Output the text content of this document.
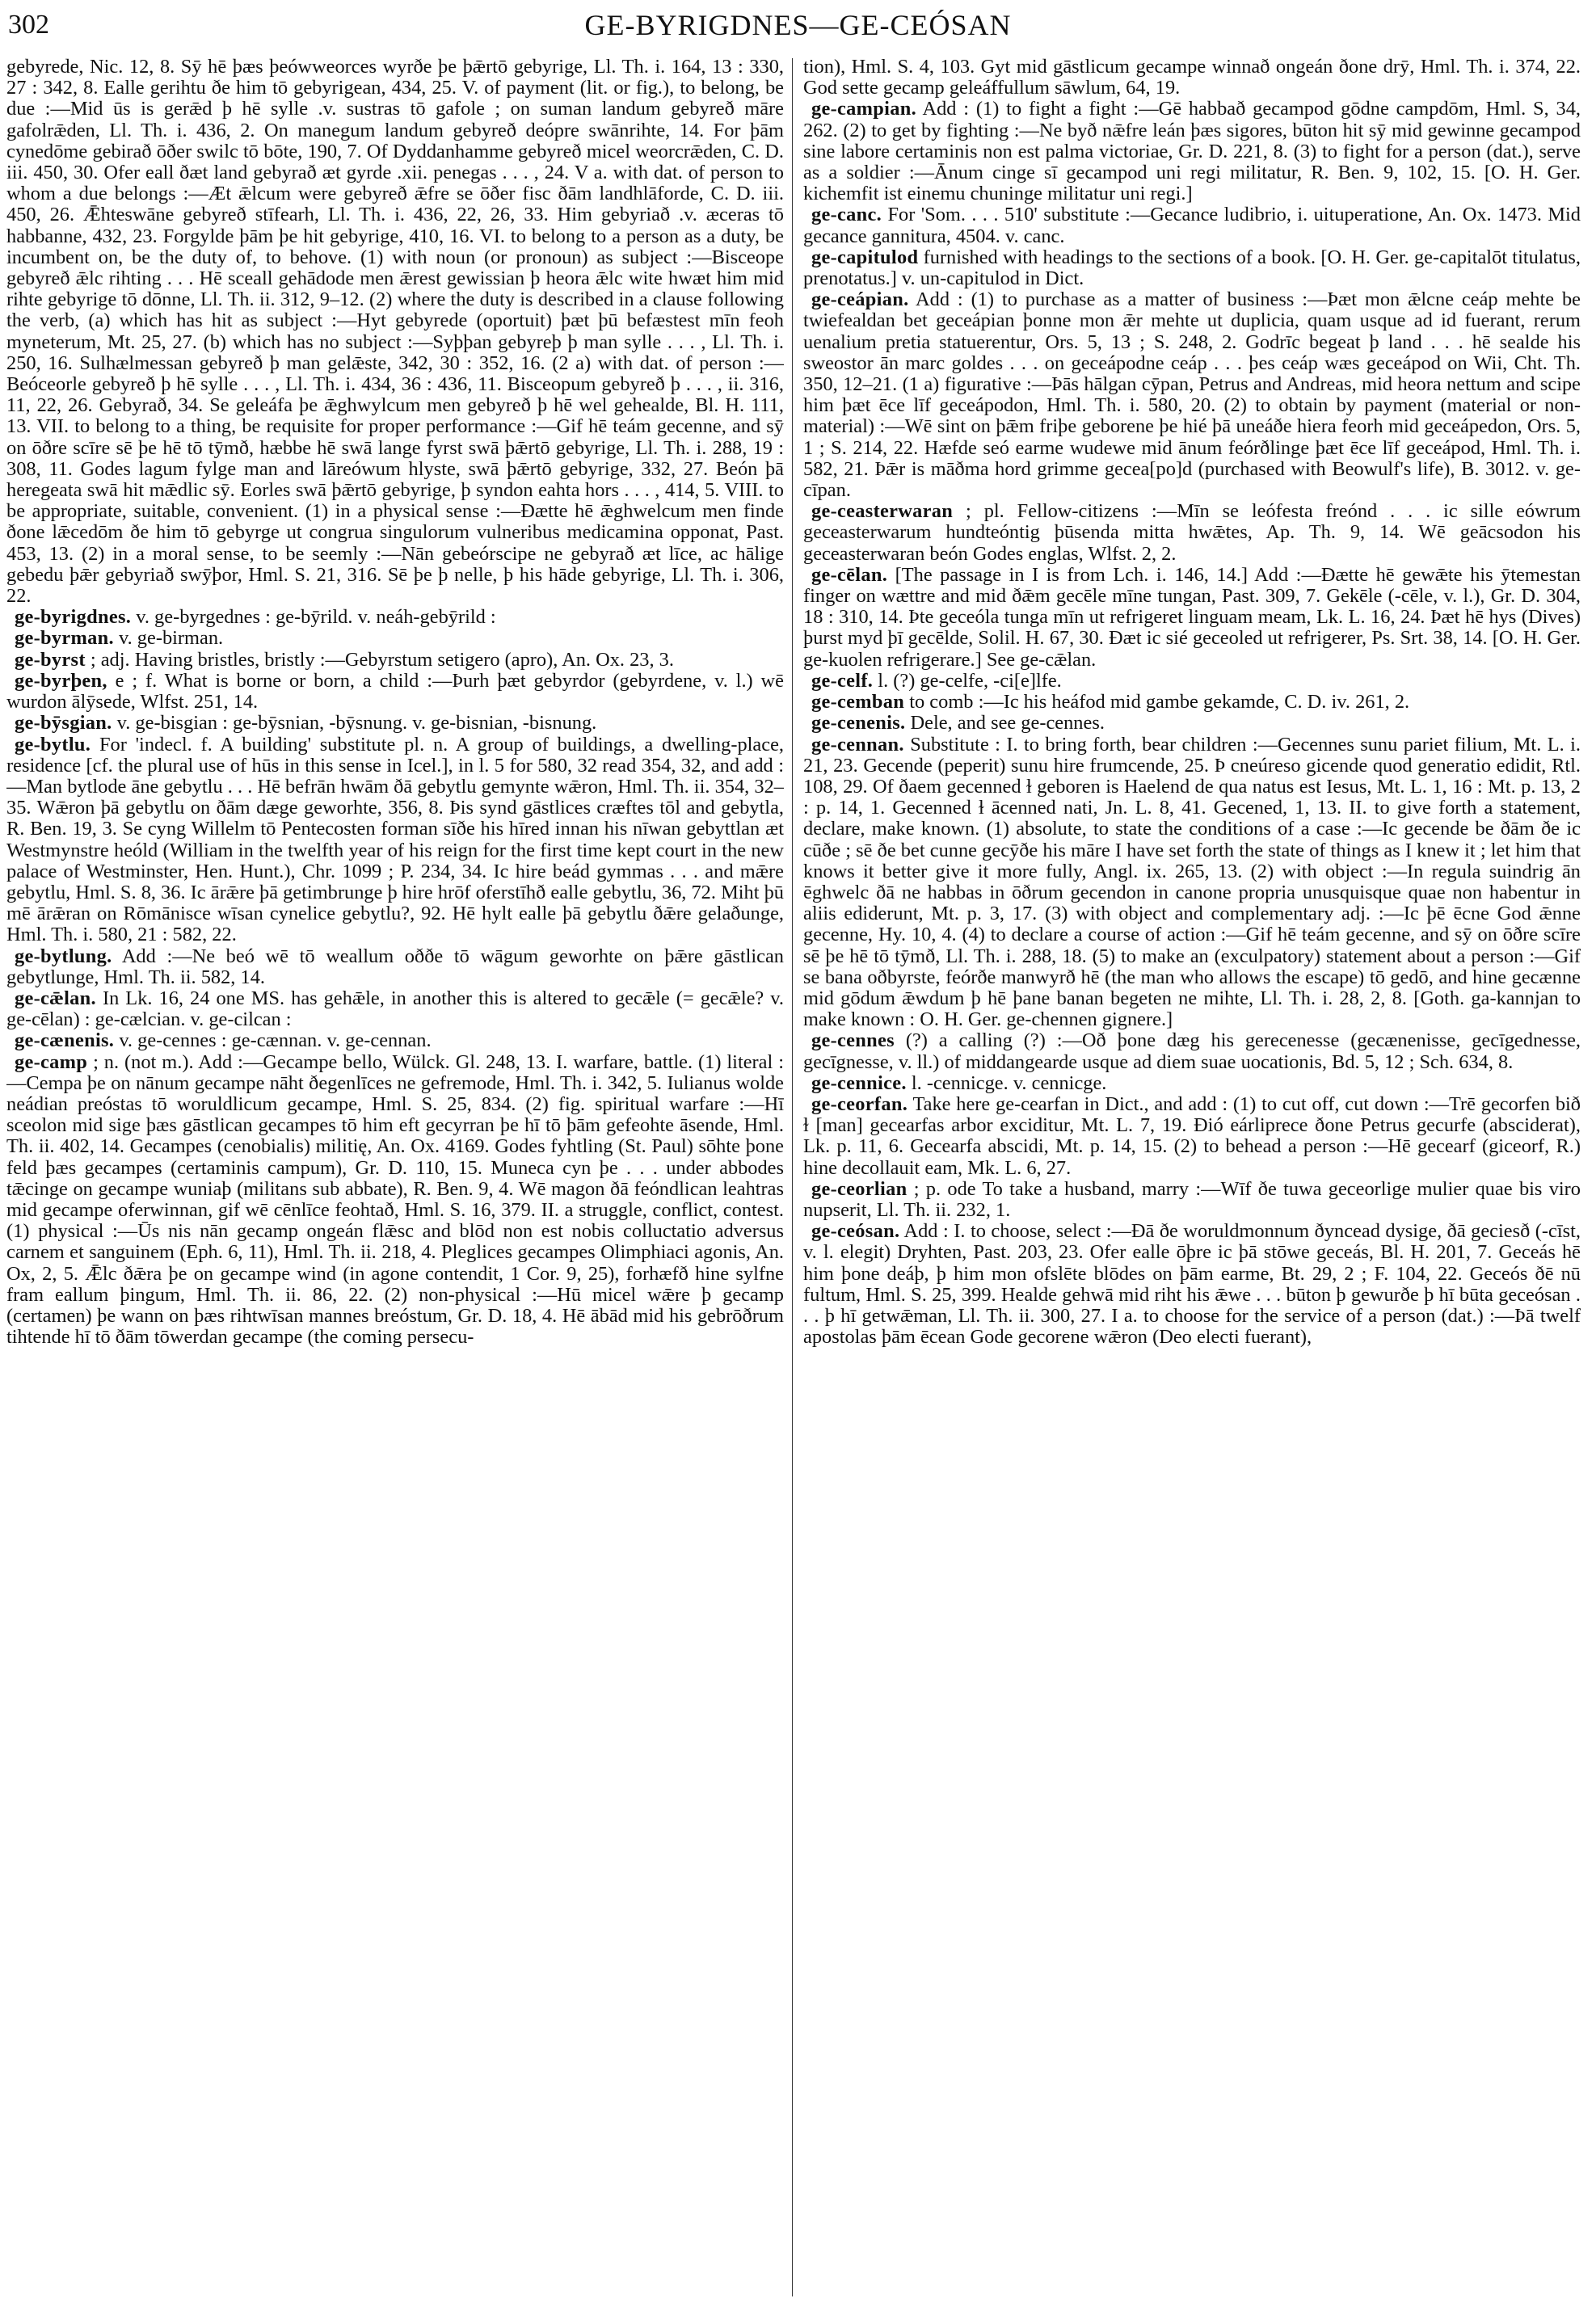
302	GE-BYRIGDNES—GE-CEÓSAN

gebyrede, Nic. 12, 8. Sȳ hē þæs þeówweorces wyrðe þe þǣrtō gebyrige, Ll. Th. i. 164, 13 : 330, 27 : 342, 8. Ealle gerihtu ðe him tō gebyrigean, 434, 25. V. of payment (lit. or fig.), to belong, be due :—Mid ūs is gerǣd þ hē sylle .v. sustras tō gafole ; on suman landum gebyreð māre gafolrǣden, Ll. Th. i. 436, 2. On manegum landum gebyreð deópre swānrihte, 14. For þām cynedōme gebirað ōðer swilc tō bōte, 190, 7. Of Dyddanhamme gebyreð micel weorcrǣden, C. D. iii. 450, 30. Ofer eall ðæt land gebyrað æt gyrde .xii. penegas . . . , 24. V a. with dat. of person to whom a due belongs :—Æt ǣlcum were gebyreð ǣfre se ōðer fisc ðām landhlāforde, C. D. iii. 450, 26. Ǣhteswāne gebyreð stīfearh, Ll. Th. i. 436, 22, 26, 33. Him gebyriað .v. æceras tō habbanne, 432, 23. Forgylde þām þe hit gebyrige, 410, 16. VI. to belong to a person as a duty, be incumbent on, be the duty of, to behove. (1) with noun (or pronoun) as subject :—Bisceope gebyreð ǣlc rihting . . . Hē sceall gehādode men ǣrest gewissian þ heora ǣlc wite hwæt him mid rihte gebyrige tō dōnne, Ll. Th. ii. 312, 9–12. (2) where the duty is described in a clause following the verb, (a) which has hit as subject :—Hyt gebyrede (oportuit) þæt þū befæstest mīn feoh myneterum, Mt. 25, 27. (b) which has no subject :—Syþþan gebyreþ þ man sylle . . . , Ll. Th. i. 250, 16. Sulhælmessan gebyreð þ man gelǣste, 342, 30 : 352, 16. (2 a) with dat. of person :—Beóceorle gebyreð þ hē sylle . . . , Ll. Th. i. 434, 36 : 436, 11. Bisceopum gebyreð þ . . . , ii. 316, 11, 22, 26. Gebyrað, 34. Se geleáfa þe ǣghwylcum men gebyreð þ hē wel gehealde, Bl. H. 111, 13. VII. to belong to a thing, be requisite for proper performance :—Gif hē teám gecenne, and sȳ on ōðre scīre sē þe hē tō tȳmð, hæbbe hē swā lange fyrst swā þǣrtō gebyrige, Ll. Th. i. 288, 19 : 308, 11. Godes lagum fylge man and lāreówum hlyste, swā þǣrtō gebyrige, 332, 27. Beón þā heregeata swā hit mǣdlic sȳ. Eorles swā þǣrtō gebyrige, þ syndon eahta hors . . . , 414, 5. VIII. to be appropriate, suitable, convenient. (1) in a physical sense :—Ðætte hē ǣghwelcum men finde ðone lǣcedōm ðe him tō gebyrge ut congrua singulorum vulneribus medicamina opponat, Past. 453, 13. (2) in a moral sense, to be seemly :—Nān gebeórscipe ne gebyrað æt līce, ac hālige gebedu þǣr gebyriað swȳþor, Hml. S. 21, 316. Sē þe þ nelle, þ his hāde gebyrige, Ll. Th. i. 306, 22.

ge-byrigdnes. v. ge-byrgednes : ge-bȳrild. v. neáh-gebȳrild :

ge-byrman. v. ge-birman.

ge-byrst ; adj. Having bristles, bristly :—Gebyrstum setigero (apro), An. Ox. 23, 3.

ge-byrþen, e ; f. What is borne or born, a child :—Þurh þæt gebyrdor (gebyrdene, v. l.) wē wurdon ālȳsede, Wlfst. 251, 14.

ge-bȳsgian. v. ge-bisgian : ge-bȳsnian, -bȳsnung. v. ge-bisnian, -bisnung.

ge-bytlu. For 'indecl. f. A building' substitute pl. n. A group of buildings, a dwelling-place, residence [cf. the plural use of hūs in this sense in Icel.], in l. 5 for 580, 32 read 354, 32, and add :—Man bytlode āne gebytlu . . . Hē befrān hwām ðā gebytlu gemynte wǣron, Hml. Th. ii. 354, 32–35. Wǣron þā gebytlu on ðām dæge geworhte, 356, 8. Þis synd gāstlices cræftes tōl and gebytla, R. Ben. 19, 3. Se cyng Willelm tō Pentecosten forman sīðe his hīred innan his nīwan gebyttlan æt Westmynstre heóld (William in the twelfth year of his reign for the first time kept court in the new palace of Westminster, Hen. Hunt.), Chr. 1099 ; P. 234, 34. Ic hire beád gymmas . . . and mǣre gebytlu, Hml. S. 8, 36. Ic ārǣre þā getimbrunge þ hire hrōf oferstīhð ealle gebytlu, 36, 72. Miht þū mē ārǣran on Rōmānisce wīsan cynelice gebytlu?, 92. Hē hylt ealle þā gebytlu ðǣre gelaðunge, Hml. Th. i. 580, 21 : 582, 22.

ge-bytlung. Add :—Ne beó wē tō weallum oððe tō wāgum geworhte on þǣre gāstlican gebytlunge, Hml. Th. ii. 582, 14.

ge-cǣlan. In Lk. 16, 24 one MS. has gehǣle, in another this is altered to gecǣle (= gecǣle? v. ge-cēlan) : ge-cælcian. v. ge-cilcan :

ge-cænenis. v. ge-cennes : ge-cænnan. v. ge-cennan.

ge-camp ; n. (not m.). Add :—Gecampe bello, Wülck. Gl. 248, 13. I. warfare, battle. (1) literal :—Cempa þe on nānum gecampe nāht ðegenlīces ne gefremode, Hml. Th. i. 342, 5. Iulianus wolde neádian preóstas tō woruldlicum gecampe, Hml. S. 25, 834. (2) fig. spiritual warfare :—Hī sceolon mid sige þæs gāstlican gecampes tō him eft gecyrran þe hī tō þām gefeohte āsende, Hml. Th. ii. 402, 14. Gecampes (cenobialis) militię, An. Ox. 4169. Godes fyhtling (St. Paul) sōhte þone feld þæs gecampes (certaminis campum), Gr. D. 110, 15. Muneca cyn þe . . . under abbodes tǣcinge on gecampe wuniaþ (militans sub abbate), R. Ben. 9, 4. Wē magon ðā feóndlican leahtras mid gecampe oferwinnan, gif wē cēnlīce feohtað, Hml. S. 16, 379. II. a struggle, conflict, contest. (1) physical :—Ūs nis nān gecamp ongeán flǣsc and blōd non est nobis colluctatio adversus carnem et sanguinem (Eph. 6, 11), Hml. Th. ii. 218, 4. Pleglices gecampes Olimphiaci agonis, An. Ox, 2, 5. Ǣlc ðǣra þe on gecampe wind (in agone contendit, 1 Cor. 9, 25), forhæfð hine sylfne fram eallum þingum, Hml. Th. ii. 86, 22. (2) non-physical :—Hū micel wǣre þ gecamp (certamen) þe wann on þæs rihtwīsan mannes breóstum, Gr. D. 18, 4. Hē ābād mid his gebrōðrum tihtende hī tō ðām tōwerdan gecampe (the coming persecu-

tion), Hml. S. 4, 103. Gyt mid gāstlicum gecampe winnað ongeán ðone drȳ, Hml. Th. i. 374, 22. God sette gecamp geleáffullum sāwlum, 64, 19.

ge-campian. Add : (1) to fight a fight :—Gē habbað gecampod gōdne campdōm, Hml. S, 34, 262. (2) to get by fighting :—Ne byð nǣfre leán þæs sigores, būton hit sȳ mid gewinne gecampod sine labore certaminis non est palma victoriae, Gr. D. 221, 8. (3) to fight for a person (dat.), serve as a soldier :—Ānum cinge sī gecampod uni regi militatur, R. Ben. 9, 102, 15. [O. H. Ger. kichemfit ist einemu chuninge militatur uni regi.]

ge-canc. For 'Som. . . . 510' substitute :—Gecance ludibrio, i. uituperatione, An. Ox. 1473. Mid gecance gannitura, 4504. v. canc.

ge-capitulod furnished with headings to the sections of a book. [O. H. Ger. ge-capitalōt titulatus, prenotatus.] v. un-capitulod in Dict.

ge-ceápian. Add : (1) to purchase as a matter of business :—Þæt mon ǣlcne ceáp mehte be twiefealdan bet geceápian þonne mon ǣr mehte ut duplicia, quam usque ad id fuerant, rerum uenalium pretia statuerentur, Ors. 5, 13 ; S. 248, 2. Godrīc begeat þ land . . . hē sealde his sweostor ān marc goldes . . . on geceápodne ceáp . . . þes ceáp wæs geceápod on Wii, Cht. Th. 350, 12–21. (1 a) figurative :—Þās hālgan cȳpan, Petrus and Andreas, mid heora nettum and scipe him þæt ēce līf geceápodon, Hml. Th. i. 580, 20. (2) to obtain by payment (material or non-material) :—Wē sint on þǣm friþe geborene þe hié þā uneáðe hiera feorh mid geceápedon, Ors. 5, 1 ; S. 214, 22. Hæfde seó earme wudewe mid ānum feórðlinge þæt ēce līf geceápod, Hml. Th. i. 582, 21. Þǣr is māðma hord grimme geceа[po]d (purchased with Beowulf's life), B. 3012. v. ge-cīpan.

ge-ceasterwaran ; pl. Fellow-citizens :—Mīn se leófesta freónd . . . ic sille eówrum geceasterwarum hundteóntig þūsenda mitta hwǣtes, Ap. Th. 9, 14. Wē geācsodon his geceasterwaran beón Godes englas, Wlfst. 2, 2.

ge-cēlan. [The passage in I is from Lch. i. 146, 14.] Add :—Ðætte hē gewǣte his ȳtemestan finger on wættre and mid ðǣm gecēle mīne tungan, Past. 309, 7. Gekēle (-cēle, v. l.), Gr. D. 304, 18 : 310, 14. Þte geceóla tunga mīn ut refrigeret linguam meam, Lk. L. 16, 24. Þæt hē hys (Dives) þurst myd þī gecēlde, Solil. H. 67, 30. Ðæt ic sié geceoled ut refrigerer, Ps. Srt. 38, 14. [O. H. Ger. ge-kuolen refrigerare.] See ge-cǣlan.

ge-celf. l. (?) ge-celfe, -ci[e]lfe.

ge-cemban to comb :—Ic his heáfod mid gambe gekamde, C. D. iv. 261, 2.

ge-cenenis. Dele, and see ge-cennes.

ge-cennan. Substitute : I. to bring forth, bear children :—Gecennes sunu pariet filium, Mt. L. i. 21, 23. Gecende (peperit) sunu hire frumcende, 25. Þ cneúreso gicende quod generatio edidit, Rtl. 108, 29. Of ðaem gecenned ɫ geboren is Haelend de qua natus est Iesus, Mt. L. 1, 16 : Mt. p. 13, 2 : p. 14, 1. Gecenned ɫ ācenned nati, Jn. L. 8, 41. Gecened, 1, 13. II. to give forth a statement, declare, make known. (1) absolute, to state the conditions of a case :—Ic gecende be ðām ðe ic cūðe ; sē ðe bet cunne gecȳðe his māre I have set forth the state of things as I knew it ; let him that knows it better give it more fully, Angl. ix. 265, 13. (2) with object :—In regula suindrig ān ēghwelc ðā ne habbas in ōðrum gecendon in canone propria unusquisque quae non habentur in aliis ediderunt, Mt. p. 3, 17. (3) with object and complementary adj. :—Ic þē ēcne God ǣnne gecenne, Hy. 10, 4. (4) to declare a course of action :—Gif hē teám gecenne, and sȳ on ōðre scīre sē þe hē tō tȳmð, Ll. Th. i. 288, 18. (5) to make an (exculpatory) statement about a person :—Gif se bana oðbyrste, feórðe manwyrð hē (the man who allows the escape) tō gedō, and hine gecænne mid gōdum ǣwdum þ hē þane banan begeten ne mihte, Ll. Th. i. 28, 2, 8. [Goth. ga-kannjan to make known : O. H. Ger. ge-chennen gignere.]

ge-cennes (?) a calling (?) :—Oð þone dæg his gerecenesse (gecænenisse, gecīgednesse, gecīgnesse, v. ll.) of middangearde usque ad diem suae uocationis, Bd. 5, 12 ; Sch. 634, 8.

ge-cennice. l. -cennicge. v. cennicge.

ge-ceorfan. Take here ge-cearfan in Dict., and add : (1) to cut off, cut down :—Trē gecorfen bið ɫ [man] gecearfas arbor exciditur, Mt. L. 7, 19. Ðió eárliprece ðone Petrus gecurfe (absciderat), Lk. p. 11, 6. Gecearfa abscidi, Mt. p. 14, 15. (2) to behead a person :—Hē gecearf (giceorf, R.) hine decollauit eam, Mk. L. 6, 27.

ge-ceorlian ; p. ode To take a husband, marry :—Wīf ðe tuwa geceorlige mulier quae bis viro nupserit, Ll. Th. ii. 232, 1.

ge-ceósan. Add : I. to choose, select :—Ðā ðe woruldmonnum ðyncead dysige, ðā geciesð (-cīst, v. l. elegit) Dryhten, Past. 203, 23. Ofer ealle ōþre ic þā stōwe geceás, Bl. H. 201, 7. Geceás hē him þone deáþ, þ him mon ofslēte blōdes on þām earme, Bt. 29, 2 ; F. 104, 22. Geceós ðē nū fultum, Hml. S. 25, 399. Healde gehwā mid riht his ǣwe . . . būton þ gewurðe þ hī būta geceósan . . . þ hī getwǣman, Ll. Th. ii. 300, 27. I a. to choose for the service of a person (dat.) :—Þā twelf apostolas þām ēcean Gode gecorene wǣron (Deo electi fuerant),
